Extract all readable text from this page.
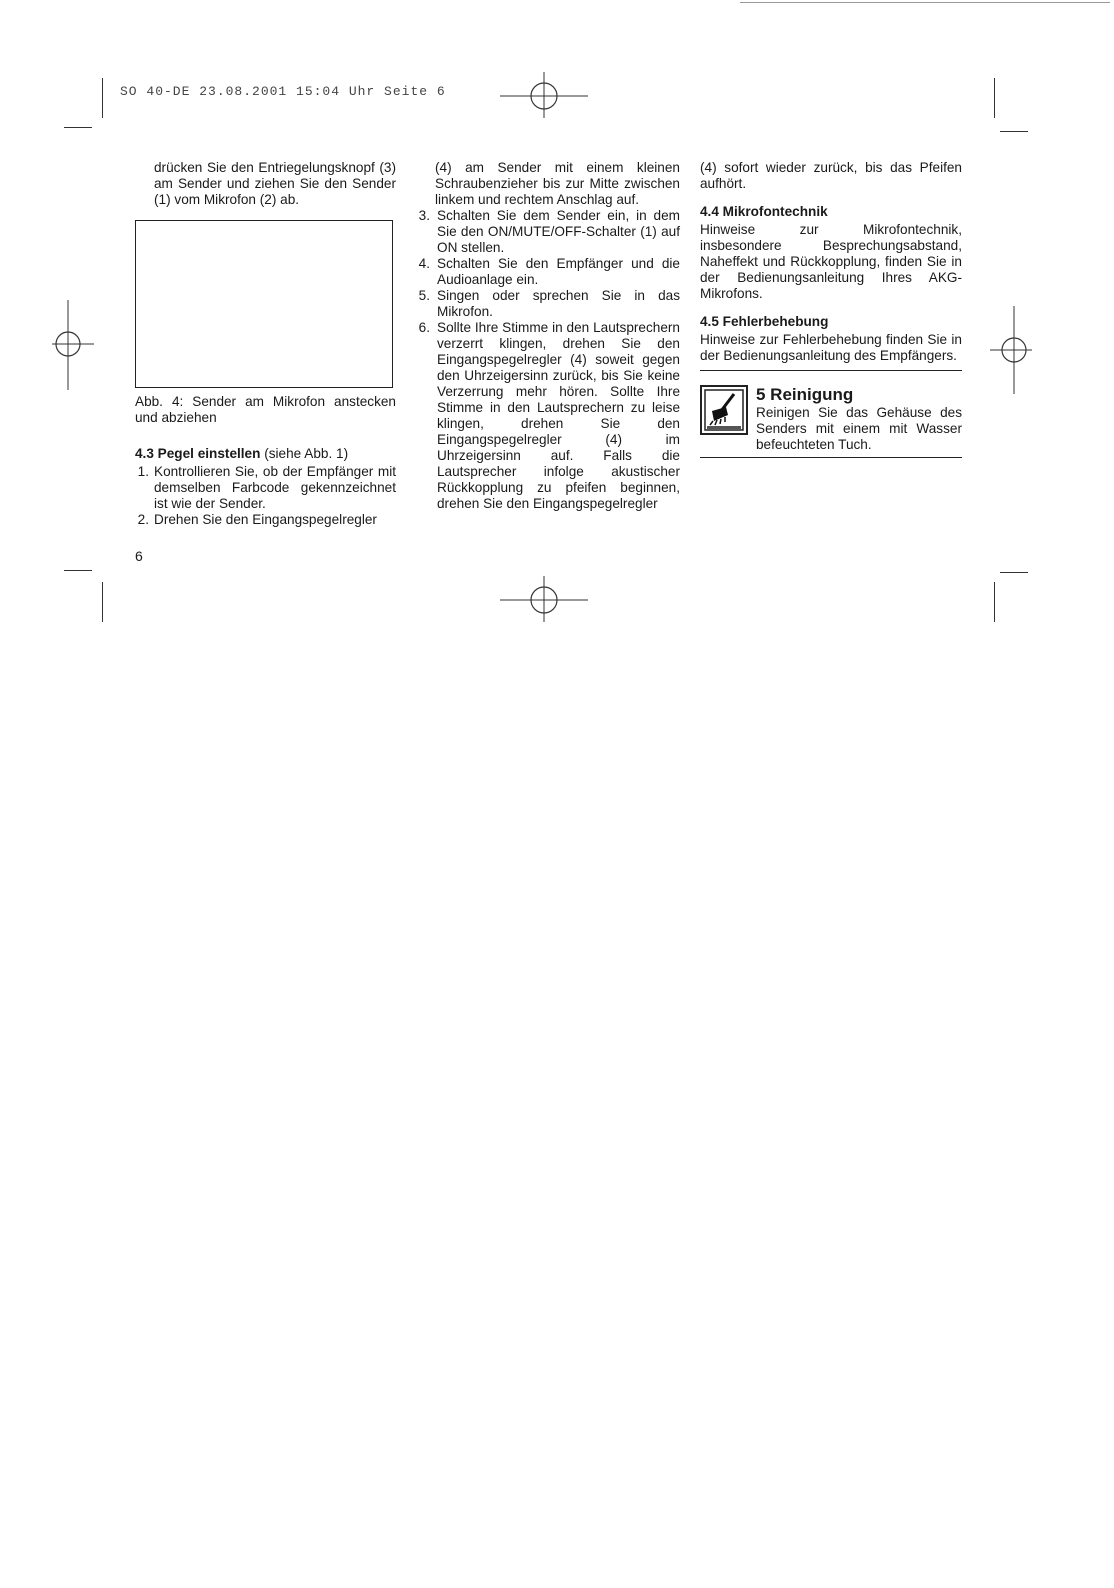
SO 40-DE 23.08.2001 15:04 Uhr Seite 6

drücken Sie den Entriegelungsknopf (3) am Sender und ziehen Sie den Sender (1) vom Mikrofon (2) ab.

Abb. 4: Sender am Mikrofon anstecken und abziehen

4.3 Pegel einstellen (siehe Abb. 1)
1. Kontrollieren Sie, ob der Empfänger mit demselben Farbcode gekennzeichnet ist wie der Sender.
2. Drehen Sie den Eingangspegelregler

(4) am Sender mit einem kleinen Schraubenzieher bis zur Mitte zwischen linkem und rechtem Anschlag auf.

3. Schalten Sie dem Sender ein, in dem Sie den ON/MUTE/OFF-Schalter (1) auf ON stellen.
4. Schalten Sie den Empfänger und die Audioanlage ein.
5. Singen oder sprechen Sie in das Mikrofon.
6. Sollte Ihre Stimme in den Lautsprechern verzerrt klingen, drehen Sie den Eingangspegelregler (4) soweit gegen den Uhrzeigersinn zurück, bis Sie keine Verzerrung mehr hören. Sollte Ihre Stimme in den Lautsprechern zu leise klingen, drehen Sie den Eingangspegelregler (4) im Uhrzeigersinn auf. Falls die Lautsprecher infolge akustischer Rückkopplung zu pfeifen beginnen, drehen Sie den Eingangspegelregler

(4) sofort wieder zurück, bis das Pfeifen aufhört.

4.4 Mikrofontechnik

Hinweise zur Mikrofontechnik, insbesondere Besprechungsabstand, Naheffekt und Rückkopplung, finden Sie in der Bedienungsanleitung Ihres AKG-Mikrofons.

4.5 Fehlerbehebung

Hinweise zur Fehlerbehebung finden Sie in der Bedienungsanleitung des Empfängers.

5 Reinigung

Reinigen Sie das Gehäuse des Senders mit einem mit Wasser befeuchteten Tuch.

6
